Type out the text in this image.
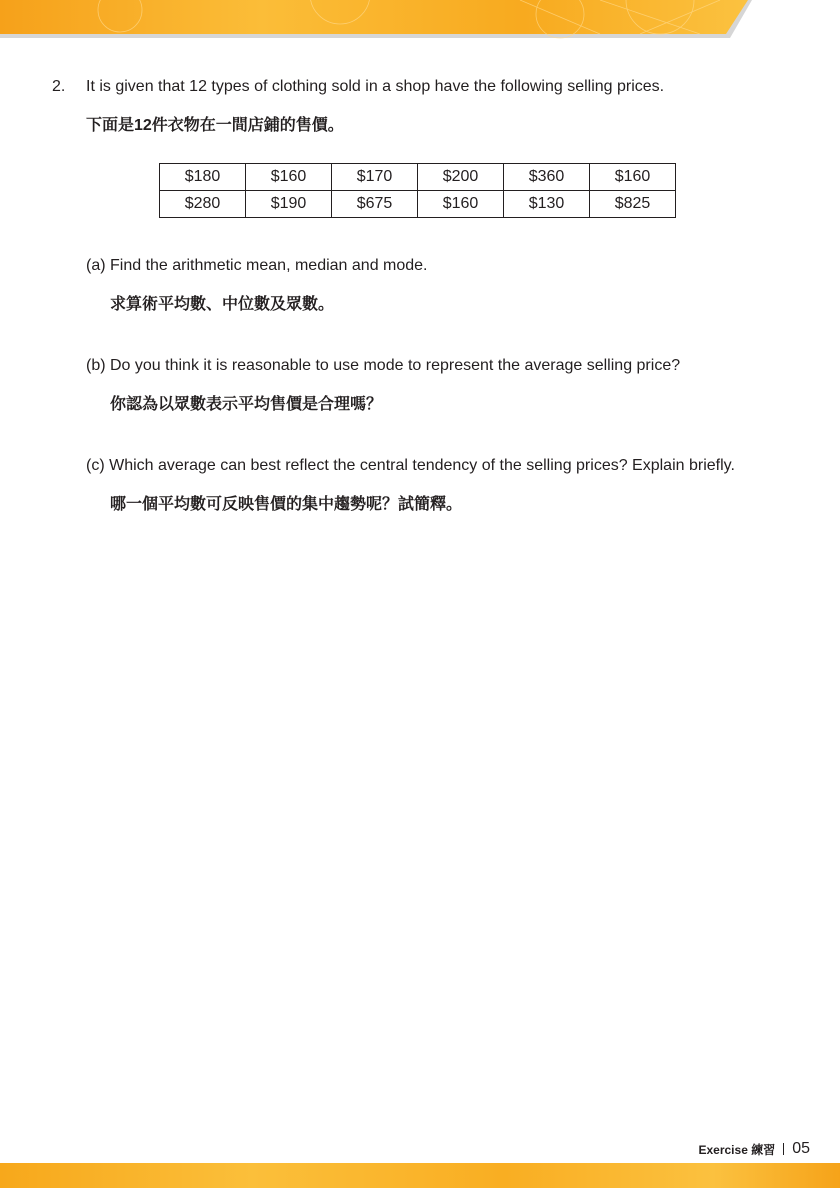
2. It is given that 12 types of clothing sold in a shop have the following selling prices.
下面是12件衣物在一間店鋪的售價。
$180	$160	$170	$200	$360	$160
$280	$190	$675	$160	$130	$825
(a) Find the arithmetic mean, median and mode.
求算術平均數、中位數及眾數。
(b) Do you think it is reasonable to use mode to represent the average selling price?
你認為以眾數表示平均售價是合理嗎？
(c) Which average can best reflect the central tendency of the selling prices? Explain briefly.
哪一個平均數可反映售價的集中趨勢呢？試簡釋。
Exercise 練習 05
